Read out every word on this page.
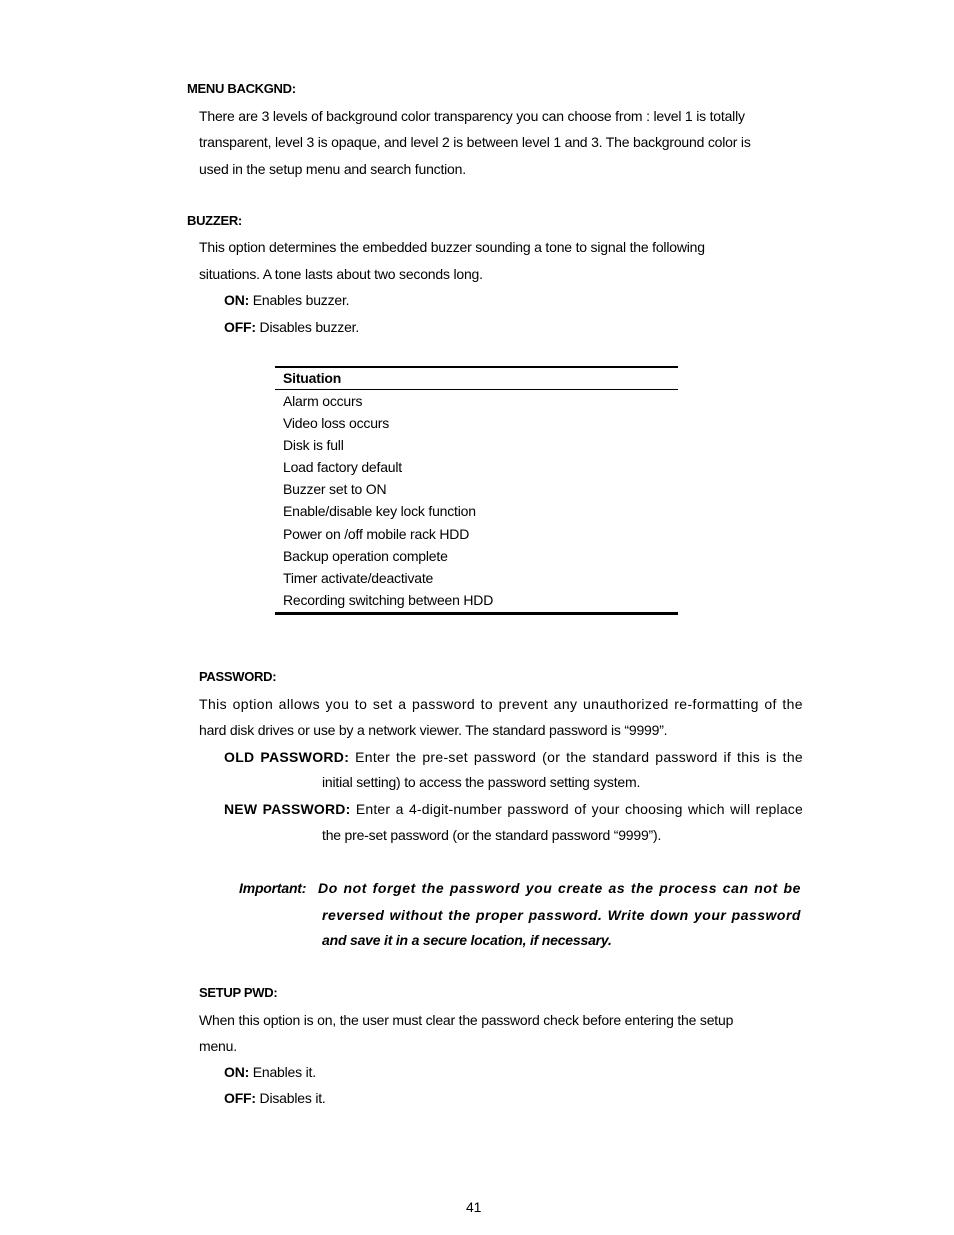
MENU BACKGND:
There are 3 levels of background color transparency you can choose from : level 1 is totally
transparent, level 3 is opaque, and level 2 is between level 1 and 3. The background color is
used in the setup menu and search function.
BUZZER:
This option determines the embedded buzzer sounding a tone to signal the following
situations. A tone lasts about two seconds long.
ON: Enables buzzer.
OFF: Disables buzzer.
Situation
Alarm occurs
Video loss occurs
Disk is full
Load factory default
Buzzer set to ON
Enable/disable key lock function
Power on /off mobile rack HDD
Backup operation complete
Timer activate/deactivate
Recording switching between HDD
PASSWORD:
This option allows you to set a password to prevent any unauthorized re-formatting of the
hard disk drives or use by a network viewer. The standard password is “9999”.
OLD PASSWORD: Enter the pre-set password (or the standard password if this is the
initial setting) to access the password setting system.
NEW PASSWORD: Enter a 4-digit-number password of your choosing which will replace
the pre-set password (or the standard password “9999”).
Important: Do not forget the password you create as the process can not be
reversed without the proper password. Write down your password
and save it in a secure location, if necessary.
SETUP PWD:
When this option is on, the user must clear the password check before entering the setup
menu.
ON: Enables it.
OFF: Disables it.
41
